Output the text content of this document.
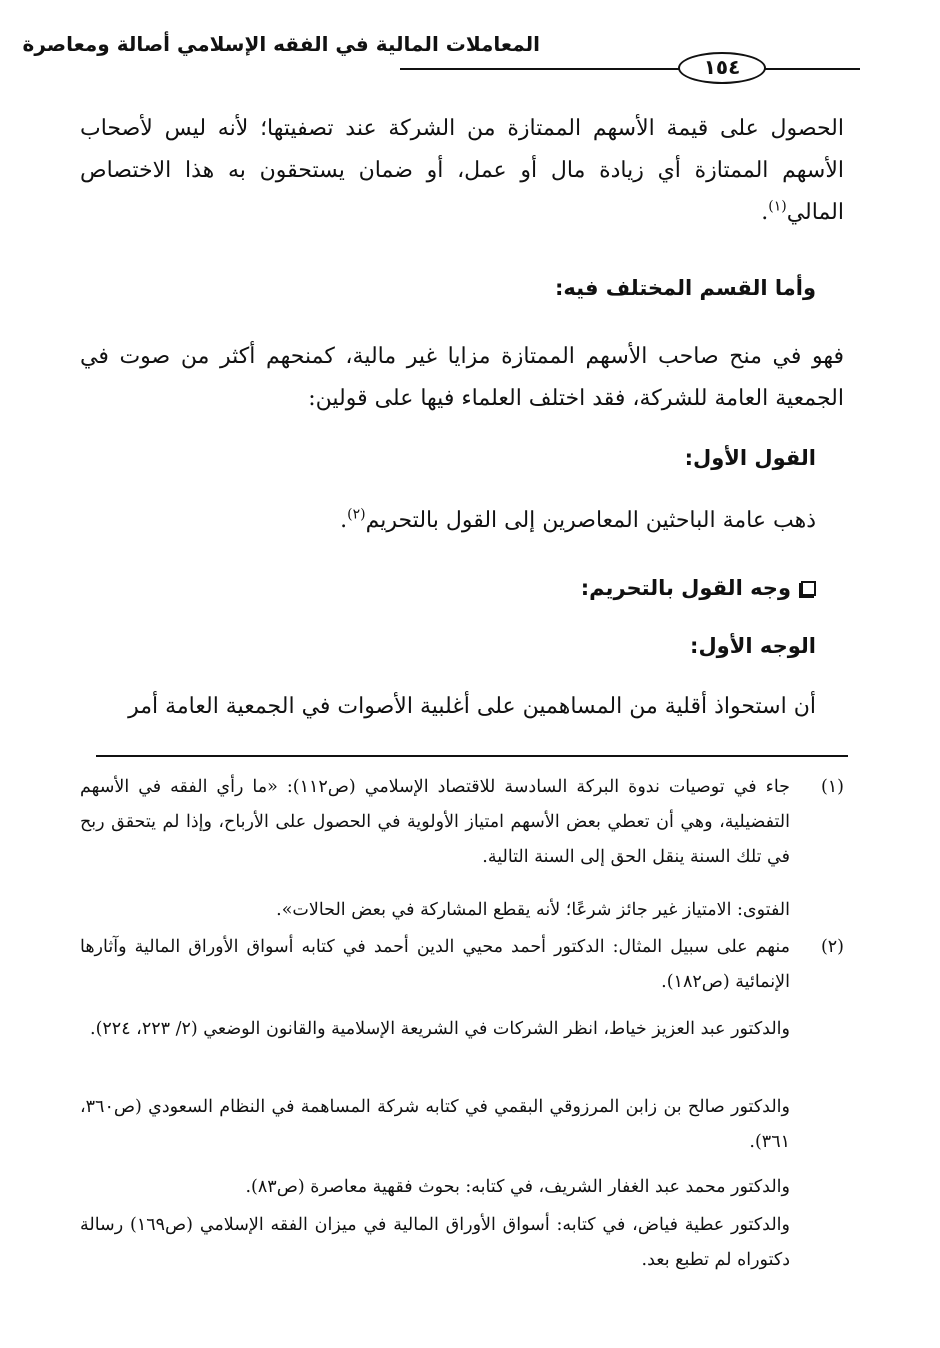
المعاملات المالية في الفقه الإسلامي أصالة ومعاصرة
١٥٤
الحصول على قيمة الأسهم الممتازة من الشركة عند تصفيتها؛ لأنه ليس لأصحاب الأسهم الممتازة أي زيادة مال أو عمل، أو ضمان يستحقون به هذا الاختصاص المالي$^{(١)}$.
وأما القسم المختلف فيه:
فهو في منح صاحب الأسهم الممتازة مزايا غير مالية، كمنحهم أكثر من صوت في الجمعية العامة للشركة، فقد اختلف العلماء فيها على قولين:
القول الأول:
ذهب عامة الباحثين المعاصرين إلى القول بالتحريم$^{(٢)}$.
وجه القول بالتحريم:
الوجه الأول:
أن استحواذ أقلية من المساهمين على أغلبية الأصوات في الجمعية العامة أمر
(١)
جاء في توصيات ندوة البركة السادسة للاقتصاد الإسلامي (ص١١٢): «ما رأي الفقه في الأسهم التفضيلية، وهي أن تعطي بعض الأسهم امتياز الأولوية في الحصول على الأرباح، وإذا لم يتحقق ربح في تلك السنة ينقل الحق إلى السنة التالية.
الفتوى: الامتياز غير جائز شرعًا؛ لأنه يقطع المشاركة في بعض الحالات».
(٢)
منهم على سبيل المثال: الدكتور أحمد محيي الدين أحمد في كتابه أسواق الأوراق المالية وآثارها الإنمائية (ص١٨٢).
والدكتور عبد العزيز خياط، انظر الشركات في الشريعة الإسلامية والقانون الوضعي (٢/ ٢٢٣، ٢٢٤).
والدكتور صالح بن زابن المرزوقي البقمي في كتابه شركة المساهمة في النظام السعودي (ص٣٦٠، ٣٦١).
والدكتور محمد عبد الغفار الشريف، في كتابه: بحوث فقهية معاصرة (ص٨٣).
والدكتور عطية فياض، في كتابه: أسواق الأوراق المالية في ميزان الفقه الإسلامي (ص١٦٩) رسالة دكتوراه لم تطبع بعد.
